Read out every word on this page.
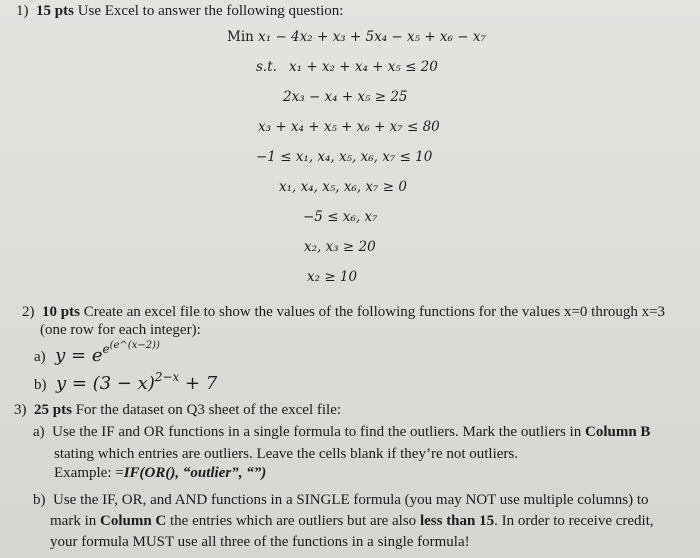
1) 15 pts Use Excel to answer the following question:
Min x₁ − 4x₂ + x₃ + 5x₄ − x₅ + x₆ − x₇
s.t. x₁ + x₂ + x₄ + x₅ ≤ 20
2x₃ − x₄ + x₅ ≥ 25
x₃ + x₄ + x₅ + x₆ + x₇ ≤ 80
−1 ≤ x₁, x₄, x₅, x₆, x₇ ≤ 10
x₁, x₄, x₅, x₆, x₇ ≥ 0
−5 ≤ x₆, x₇
x₂, x₃ ≥ 20
x₂ ≥ 10
2) 10 pts Create an excel file to show the values of the following functions for the values x=0 through x=3
(one row for each integer):
a)  $y = e^{e^{(e\^{}(x-2))}}$
b)  $y = (3 - x)^{2-x} + 7$
3) 25 pts For the dataset on Q3 sheet of the excel file:
a) Use the IF and OR functions in a single formula to find the outliers. Mark the outliers in Column B
stating which entries are outliers. Leave the cells blank if they’re not outliers.
Example: =IF(OR(), “outlier”, “”)
b) Use the IF, OR, and AND functions in a SINGLE formula (you may NOT use multiple columns) to
mark in Column C the entries which are outliers but are also less than 15. In order to receive credit,
your formula MUST use all three of the functions in a single formula!
